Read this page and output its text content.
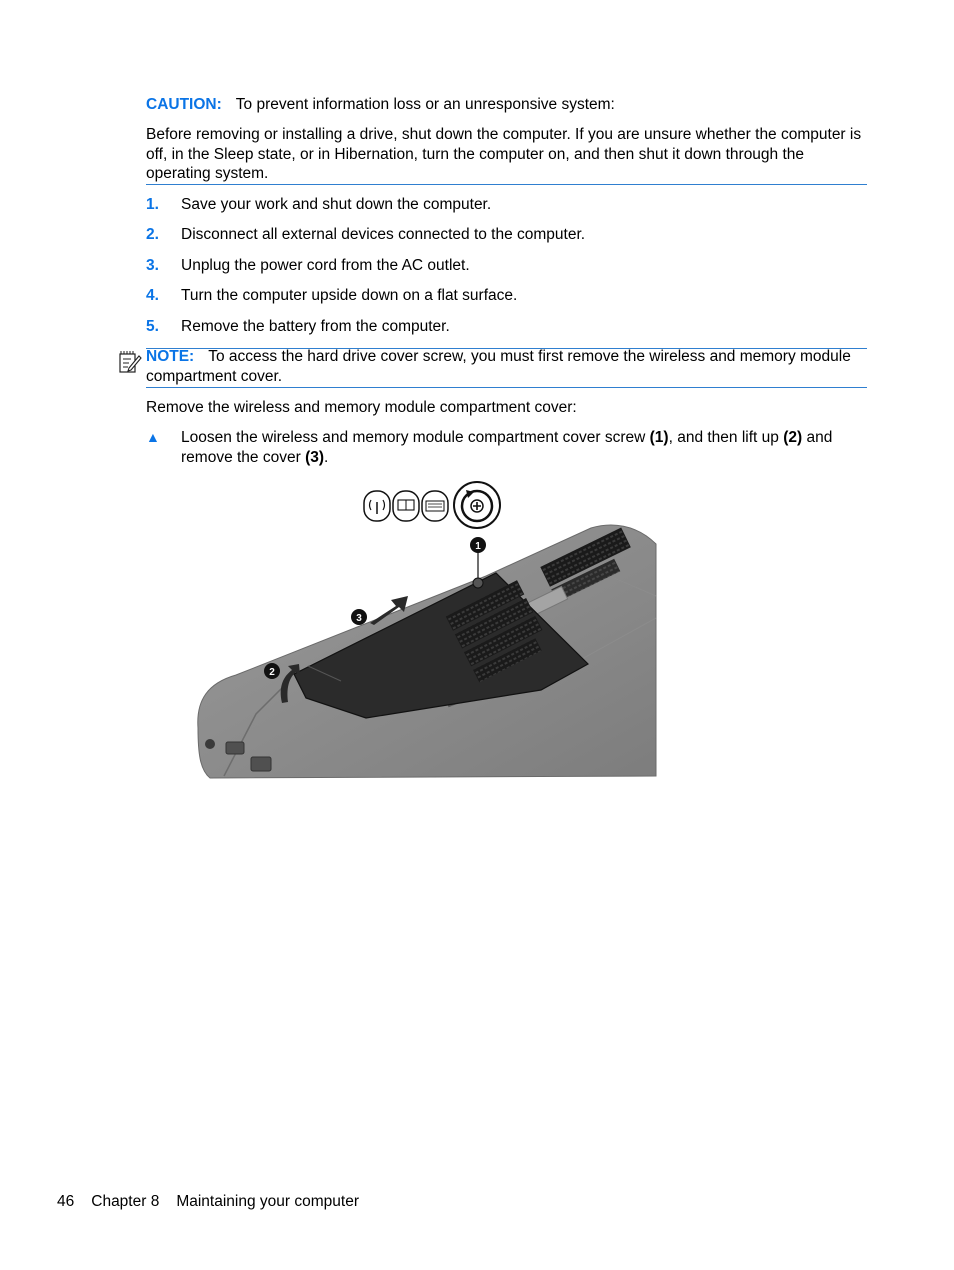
CAUTION: To prevent information loss or an unresponsive system:
Before removing or installing a drive, shut down the computer. If you are unsure whether the computer is off, in the Sleep state, or in Hibernation, turn the computer on, and then shut it down through the operating system.
1. Save your work and shut down the computer.
2. Disconnect all external devices connected to the computer.
3. Unplug the power cord from the AC outlet.
4. Turn the computer upside down on a flat surface.
5. Remove the battery from the computer.
NOTE: To access the hard drive cover screw, you must first remove the wireless and memory module compartment cover.
Remove the wireless and memory module compartment cover:
▲ Loosen the wireless and memory module compartment cover screw (1), and then lift up (2) and remove the cover (3).
1
3
2
46 Chapter 8 Maintaining your computer
